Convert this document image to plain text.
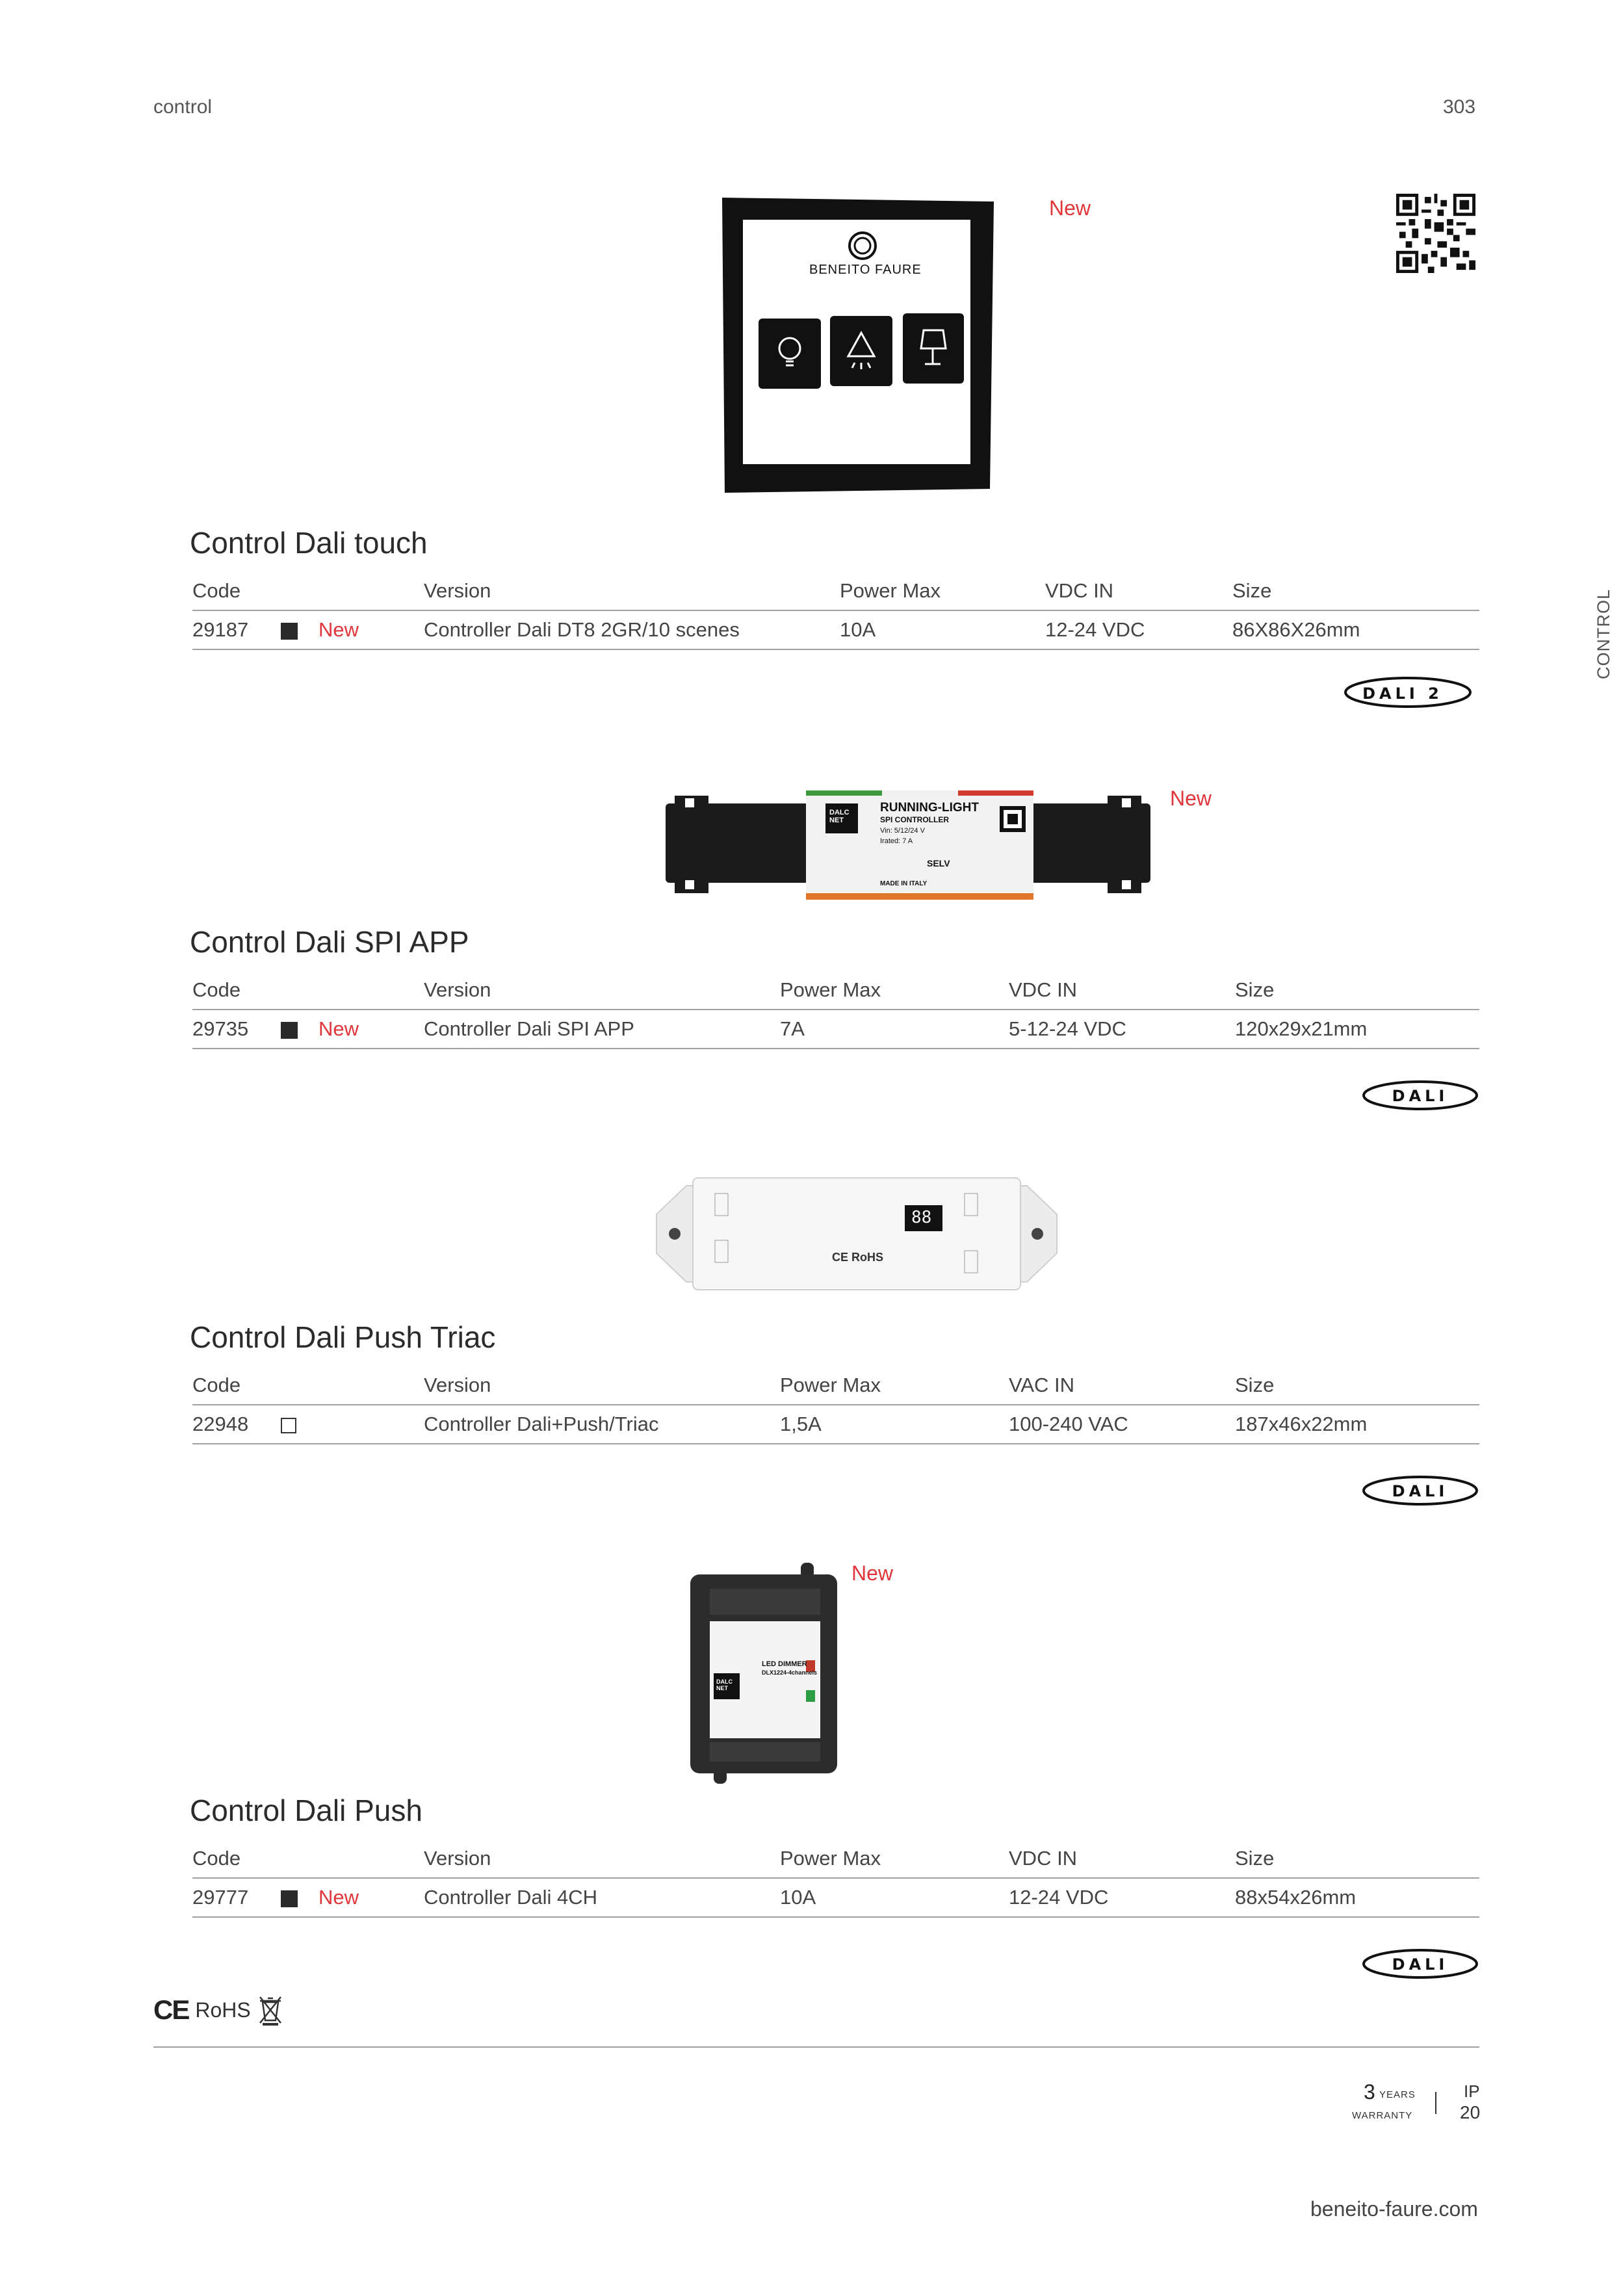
control	303
CONTROL
BENEITO FAURE
New
Control Dali touch
Code	Version	Power Max	VDC IN	Size
29187 New	Controller Dali DT8 2GR/10 scenes	10A	12-24 VDC	86X86X26mm
DALI 2
RUNNING-LIGHT
SPI CONTROLLER
DALC NET
Vin: 5/12/24 V
Irated: 7 A
SELV
MADE IN ITALY
New
Control Dali SPI APP
Code	Version	Power Max	VDC IN	Size
29735 New	Controller Dali SPI APP	7A	5-12-24 VDC	120x29x21mm
DALI
88
CE RoHS
Control Dali Push Triac
Code	Version	Power Max	VAC IN	Size
22948	Controller Dali+Push/Triac	1,5A	100-240 VAC	187x46x22mm
DALI
LED DIMMER
DLX1224-4channels
DALC NET
New
Control Dali Push
Code	Version	Power Max	VDC IN	Size
29777 New	Controller Dali 4CH	10A	12-24 VDC	88x54x26mm
DALI
CE RoHS
3 YEARS
WARRANTY
IP
20
beneito-faure.com
